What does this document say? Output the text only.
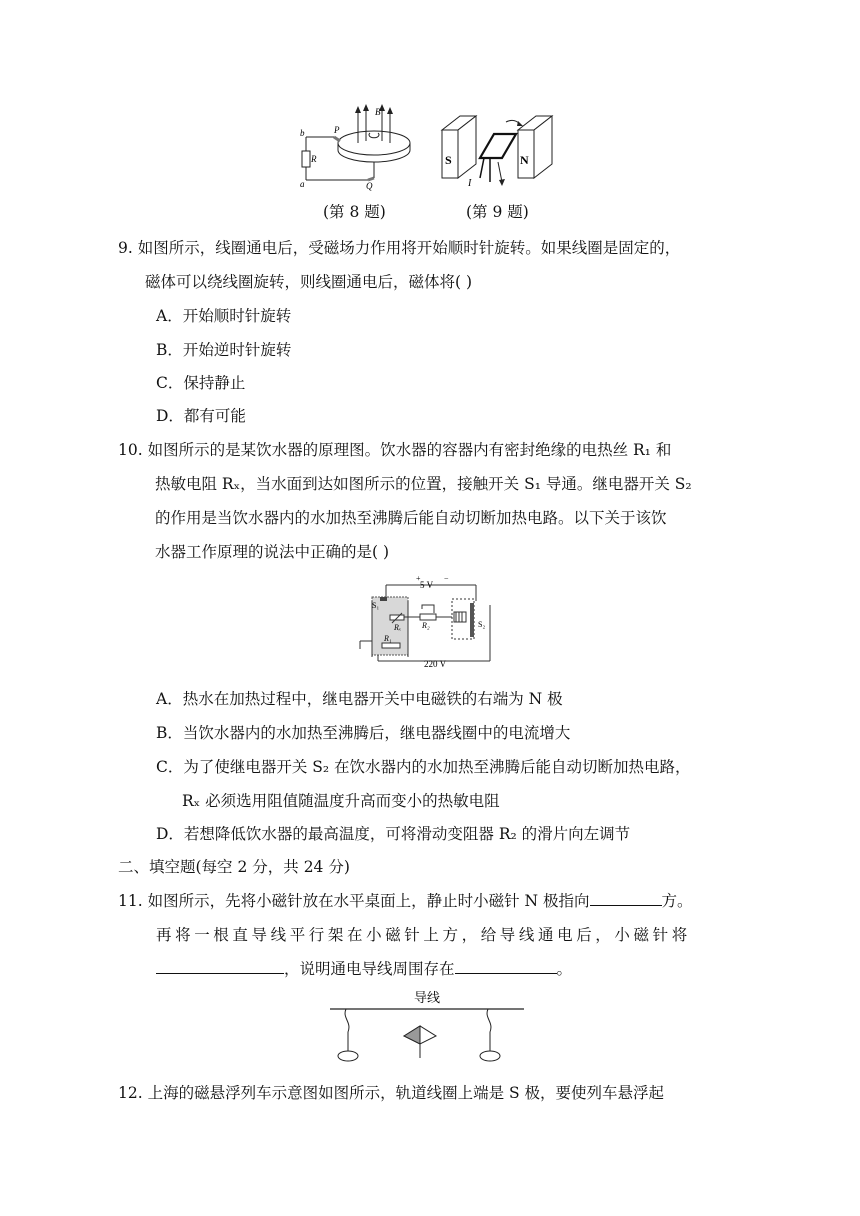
b
a
P
Q
R
B
S	N
I
(第 8 题)	(第 9 题)
9. 如图所示，线圈通电后，受磁场力作用将开始顺时针旋转。如果线圈是固定的，
磁体可以绕线圈旋转，则线圈通电后，磁体将( )
A．开始顺时针旋转
B．开始逆时针旋转
C．保持静止
D．都有可能
10. 如图所示的是某饮水器的原理图。饮水器的容器内有密封绝缘的电热丝 R₁ 和
热敏电阻 Rₓ，当水面到达如图所示的位置，接触开关 S₁ 导通。继电器开关 S₂
的作用是当饮水器内的水加热至沸腾后能自动切断加热电路。以下关于该饮
水器工作原理的说法中正确的是( )
5 V
+	−
S₁
Rₓ	R₂	S₂
R₁
220 V
A．热水在加热过程中，继电器开关中电磁铁的右端为 N 极
B．当饮水器内的水加热至沸腾后，继电器线圈中的电流增大
C．为了使继电器开关 S₂ 在饮水器内的水加热至沸腾后能自动切断加热电路，
Rₓ 必须选用阻值随温度升高而变小的热敏电阻
D．若想降低饮水器的最高温度，可将滑动变阻器 R₂ 的滑片向左调节
二、填空题(每空 2 分，共 24 分)
11. 如图所示，先将小磁针放在水平桌面上，静止时小磁针 N 极指向	方。
再将一根直导线平行架在小磁针上方，给导线通电后，小磁针将
，说明通电导线周围存在	。
导线
12. 上海的磁悬浮列车示意图如图所示，轨道线圈上端是 S 极，要使列车悬浮起
